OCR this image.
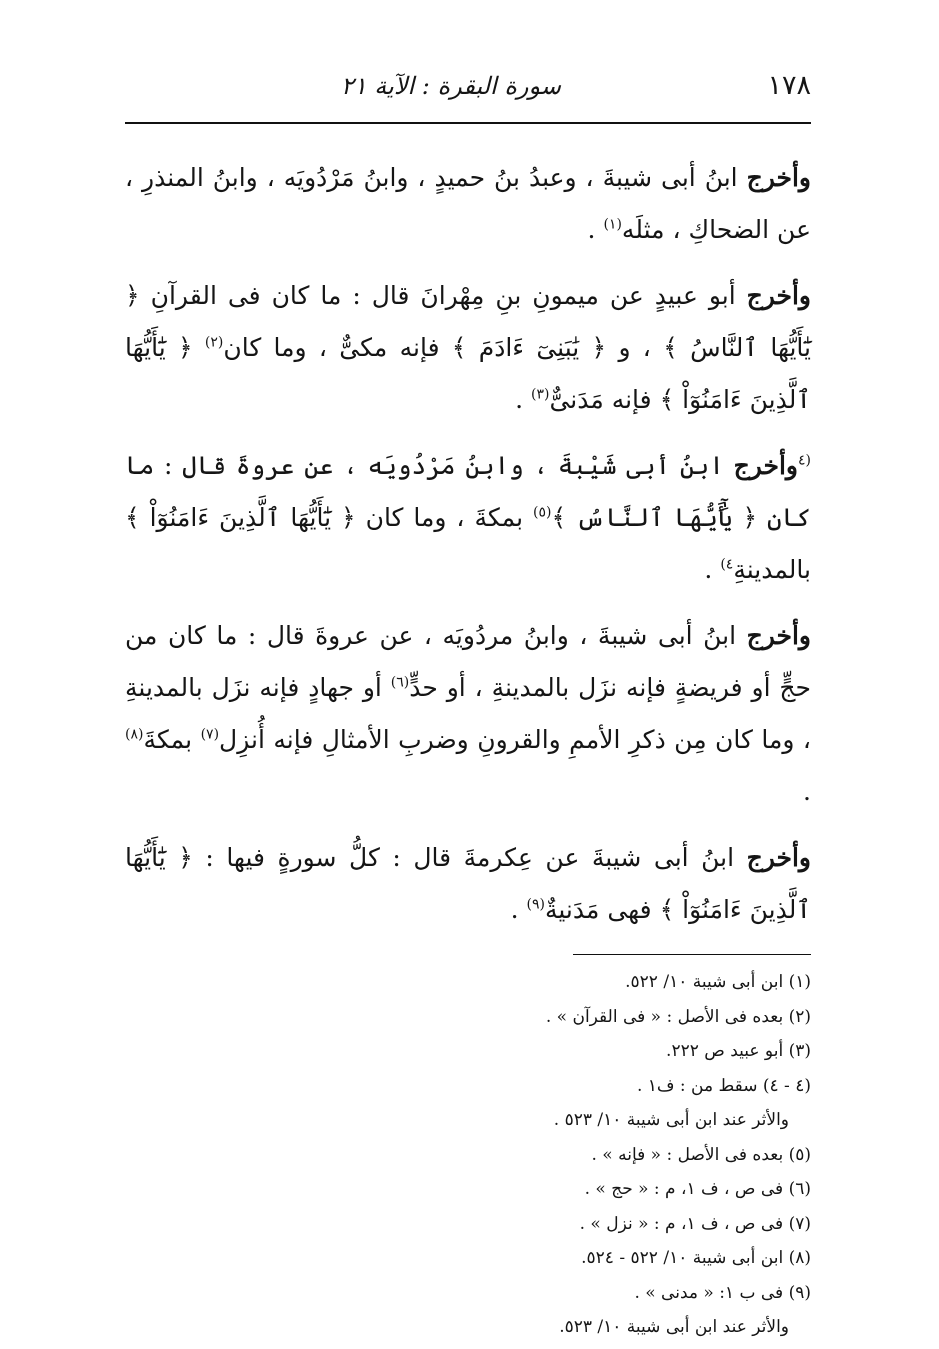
١٧٨
سورة البقرة : الآية ٢١

وأخرج ابنُ أبى شيبةَ ، وعبدُ بنُ حميدٍ ، وابنُ مَرْدُويَه ، وابنُ المنذرِ ، عن الضحاكِ ، مثلَه$^{(١)}$ .

وأخرج أبو عبيدٍ عن ميمونِ بنِ مِهْرانَ قال : ما كان فى القرآنِ ﴿ يَٰٓأَيُّهَا ٱلنَّاسُ ﴾ ، و ﴿ يَٰبَنِىٓ ءَادَمَ ﴾ فإنه مكىٌّ ، وما كان$^{(٢)}$ ﴿ يَٰٓأَيُّهَا ٱلَّذِينَ ءَامَنُوٓاْ ﴾ فإنه مَدَنىٌّ$^{(٣)}$ .

$^{(٤}$وأخرج ابنُ أبى شَيْبةَ ، وابنُ مَرْدُويَه ، عن عروةَ قال : ما كان ﴿ يَٰٓأَيُّهَا ٱلنَّاسُ ﴾$^{(٥)}$ بمكةَ ، وما كان ﴿ يَٰٓأَيُّهَا ٱلَّذِينَ ءَامَنُوٓاْ ﴾ بالمدينةِ$^{٤)}$ .

وأخرج ابنُ أبى شيبةَ ، وابنُ مردُويَه ، عن عروةَ قال : ما كان من حجٍّ أو فريضةٍ فإنه نزَل بالمدينةِ ، أو حدٍّ$^{(٦)}$ أو جهادٍ فإنه نزَل بالمدينةِ ، وما كان مِن ذكرِ الأممِ والقرونِ وضربِ الأمثالِ فإنه أُنزِل$^{(٧)}$ بمكةَ$^{(٨)}$ .

وأخرج ابنُ أبى شيبةَ عن عِكرمةَ قال : كلُّ سورةٍ فيها : ﴿ يَٰٓأَيُّهَا ٱلَّذِينَ ءَامَنُوٓاْ ﴾ فهى مَدَنيةٌ$^{(٩)}$ .

(١) ابن أبى شيبة ١٠/ ٥٢٢.

(٢) بعده فى الأصل : « فى القرآن » .

(٣) أبو عبيد ص ٢٢٢.

(٤ - ٤) سقط من : ف١ .

والأثر عند ابن أبى شيبة ١٠/ ٥٢٣ .

(٥) بعده فى الأصل : « فإنه » .

(٦) فى ص ، ف ١، م : « حج » .

(٧) فى ص ، ف ١، م : « نزل » .

(٨) ابن أبى شيبة ١٠/ ٥٢٢ - ٥٢٤.

(٩) فى ب ١: « مدنى » .

والأثر عند ابن أبى شيبة ١٠/ ٥٢٣.
